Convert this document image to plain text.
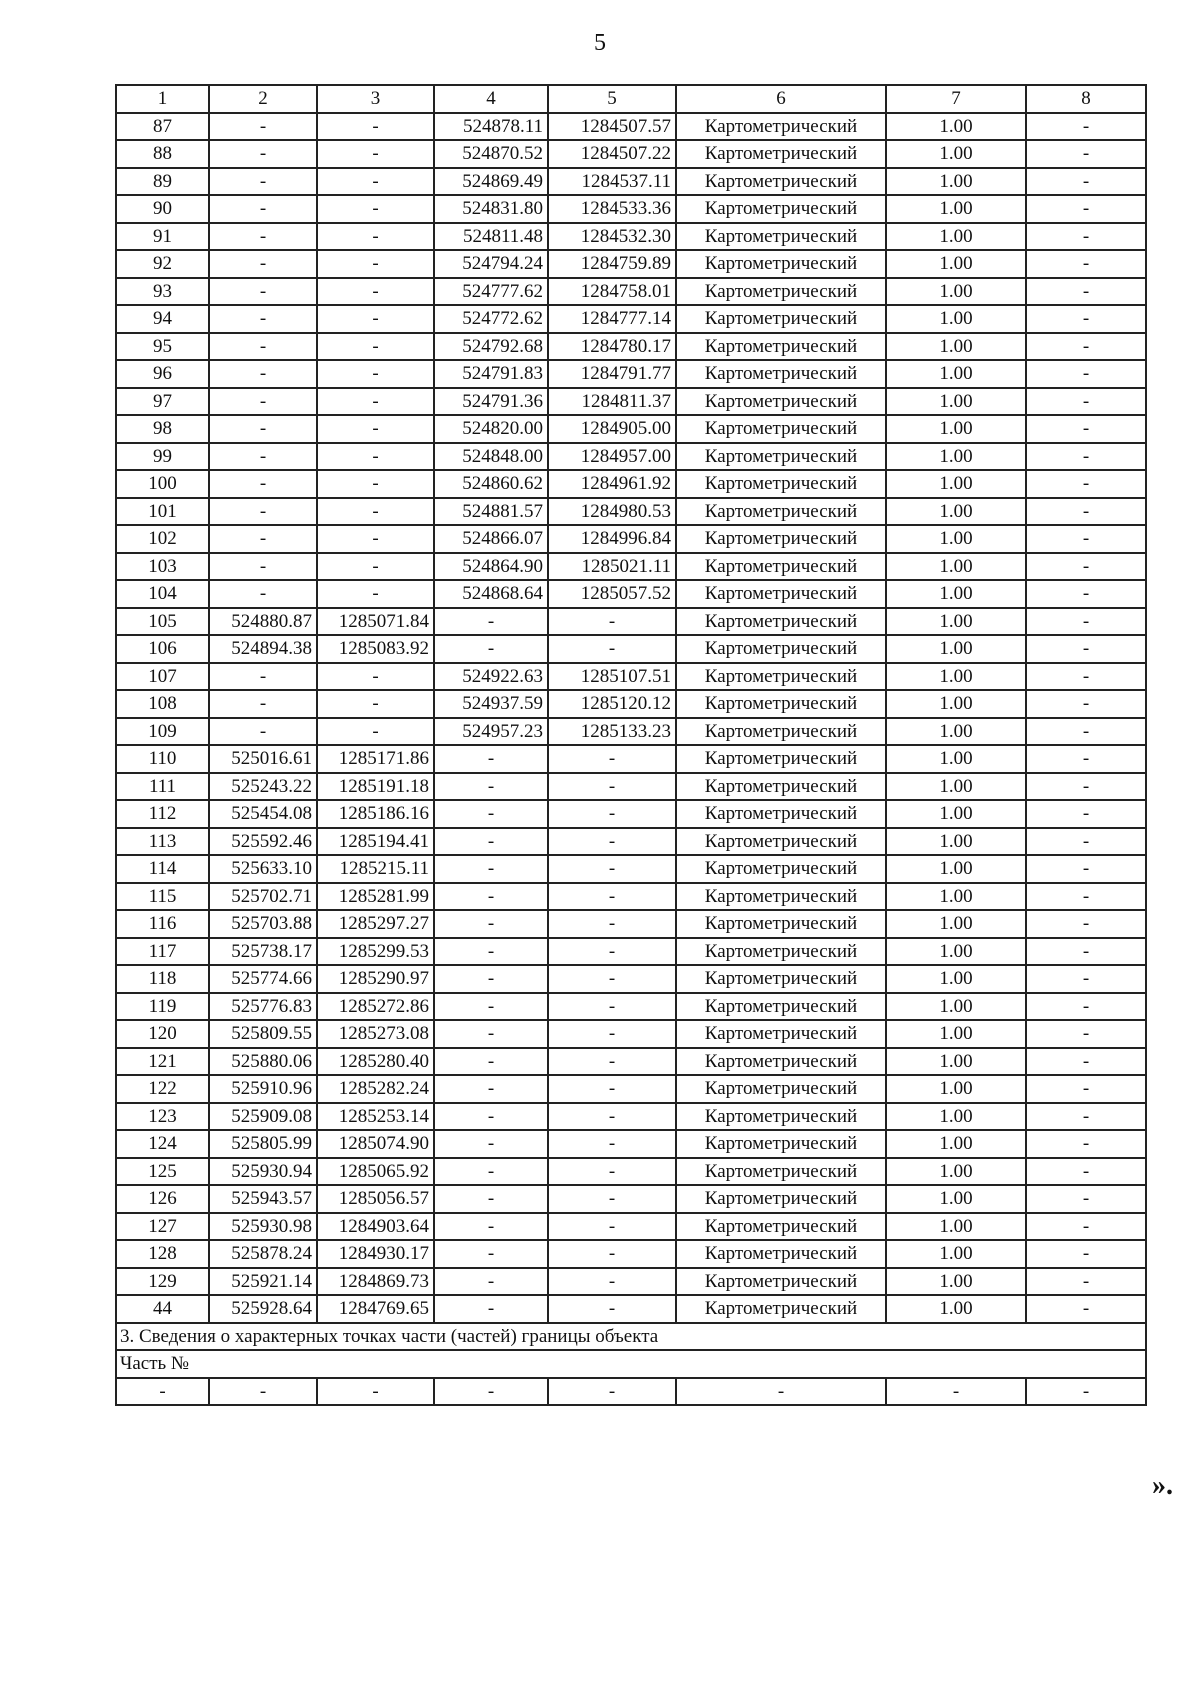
5
1	2	3	4	5	6	7	8
87	-	-	524878.11	1284507.57	Картометрический	1.00	-
88	-	-	524870.52	1284507.22	Картометрический	1.00	-
89	-	-	524869.49	1284537.11	Картометрический	1.00	-
90	-	-	524831.80	1284533.36	Картометрический	1.00	-
91	-	-	524811.48	1284532.30	Картометрический	1.00	-
92	-	-	524794.24	1284759.89	Картометрический	1.00	-
93	-	-	524777.62	1284758.01	Картометрический	1.00	-
94	-	-	524772.62	1284777.14	Картометрический	1.00	-
95	-	-	524792.68	1284780.17	Картометрический	1.00	-
96	-	-	524791.83	1284791.77	Картометрический	1.00	-
97	-	-	524791.36	1284811.37	Картометрический	1.00	-
98	-	-	524820.00	1284905.00	Картометрический	1.00	-
99	-	-	524848.00	1284957.00	Картометрический	1.00	-
100	-	-	524860.62	1284961.92	Картометрический	1.00	-
101	-	-	524881.57	1284980.53	Картометрический	1.00	-
102	-	-	524866.07	1284996.84	Картометрический	1.00	-
103	-	-	524864.90	1285021.11	Картометрический	1.00	-
104	-	-	524868.64	1285057.52	Картометрический	1.00	-
105	524880.87	1285071.84	-	-	Картометрический	1.00	-
106	524894.38	1285083.92	-	-	Картометрический	1.00	-
107	-	-	524922.63	1285107.51	Картометрический	1.00	-
108	-	-	524937.59	1285120.12	Картометрический	1.00	-
109	-	-	524957.23	1285133.23	Картометрический	1.00	-
110	525016.61	1285171.86	-	-	Картометрический	1.00	-
111	525243.22	1285191.18	-	-	Картометрический	1.00	-
112	525454.08	1285186.16	-	-	Картометрический	1.00	-
113	525592.46	1285194.41	-	-	Картометрический	1.00	-
114	525633.10	1285215.11	-	-	Картометрический	1.00	-
115	525702.71	1285281.99	-	-	Картометрический	1.00	-
116	525703.88	1285297.27	-	-	Картометрический	1.00	-
117	525738.17	1285299.53	-	-	Картометрический	1.00	-
118	525774.66	1285290.97	-	-	Картометрический	1.00	-
119	525776.83	1285272.86	-	-	Картометрический	1.00	-
120	525809.55	1285273.08	-	-	Картометрический	1.00	-
121	525880.06	1285280.40	-	-	Картометрический	1.00	-
122	525910.96	1285282.24	-	-	Картометрический	1.00	-
123	525909.08	1285253.14	-	-	Картометрический	1.00	-
124	525805.99	1285074.90	-	-	Картометрический	1.00	-
125	525930.94	1285065.92	-	-	Картометрический	1.00	-
126	525943.57	1285056.57	-	-	Картометрический	1.00	-
127	525930.98	1284903.64	-	-	Картометрический	1.00	-
128	525878.24	1284930.17	-	-	Картометрический	1.00	-
129	525921.14	1284869.73	-	-	Картометрический	1.00	-
44	525928.64	1284769.65	-	-	Картометрический	1.00	-
3. Сведения о характерных точках части (частей) границы объекта							
Часть №							
-	-	-	-	-	-	-	-
».
